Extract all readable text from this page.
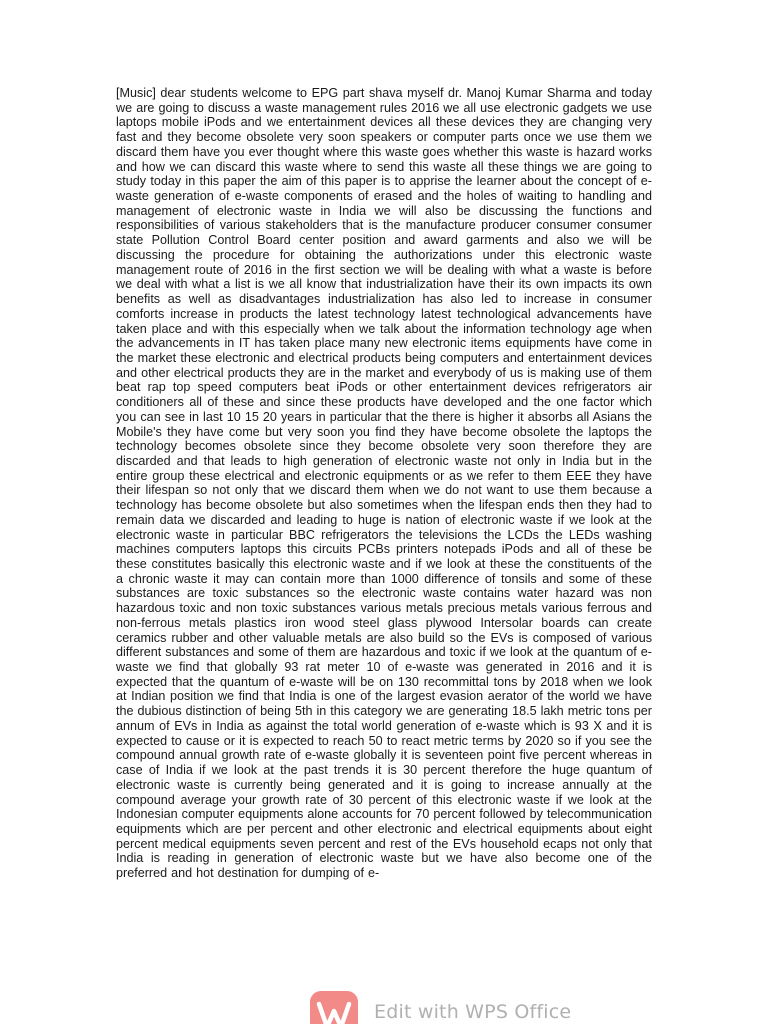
[Music] dear students welcome to EPG part shava myself dr. Manoj Kumar Sharma and today we are going to discuss a waste management rules 2016 we all use electronic gadgets we use laptops mobile iPods and we entertainment devices all these devices they are changing very fast and they become obsolete very soon speakers or computer parts once we use them we discard them have you ever thought where this waste goes whether this waste is hazard works and how we can discard this waste where to send this waste all these things we are going to study today in this paper the aim of this paper is to apprise the learner about the concept of e-waste generation of e-waste components of erased and the holes of waiting to handling and management of electronic waste in India we will also be discussing the functions and responsibilities of various stakeholders that is the manufacture producer consumer consumer state Pollution Control Board center position and award garments and also we will be discussing the procedure for obtaining the authorizations under this electronic waste management route of 2016 in the first section we will be dealing with what a waste is before we deal with what a list is we all know that industrialization have their its own impacts its own benefits as well as disadvantages industrialization has also led to increase in consumer comforts increase in products the latest technology latest technological advancements have taken place and with this especially when we talk about the information technology age when the advancements in IT has taken place many new electronic items equipments have come in the market these electronic and electrical products being computers and entertainment devices and other electrical products they are in the market and everybody of us is making use of them beat rap top speed computers beat iPods or other entertainment devices refrigerators air conditioners all of these and since these products have developed and the one factor which you can see in last 10 15 20 years in particular that the there is higher it absorbs all Asians the Mobile's they have come but very soon you find they have become obsolete the laptops the technology becomes obsolete since they become obsolete very soon therefore they are discarded and that leads to high generation of electronic waste not only in India but in the entire group these electrical and electronic equipments or as we refer to them EEE they have their lifespan so not only that we discard them when we do not want to use them because a technology has become obsolete but also sometimes when the lifespan ends then they had to remain data we discarded and leading to huge is nation of electronic waste if we look at the electronic waste in particular BBC refrigerators the televisions the LCDs the LEDs washing machines computers laptops this circuits PCBs printers notepads iPods and all of these be these constitutes basically this electronic waste and if we look at these the constituents of the a chronic waste it may can contain more than 1000 difference of tonsils and some of these substances are toxic substances so the electronic waste contains water hazard was non hazardous toxic and non toxic substances various metals precious metals various ferrous and non-ferrous metals plastics iron wood steel glass plywood Intersolar boards can create ceramics rubber and other valuable metals are also build so the EVs is composed of various different substances and some of them are hazardous and toxic if we look at the quantum of e-waste we find that globally 93 rat meter 10 of e-waste was generated in 2016 and it is expected that the quantum of e-waste will be on 130 recommittal tons by 2018 when we look at Indian position we find that India is one of the largest evasion aerator of the world we have the dubious distinction of being 5th in this category we are generating 18.5 lakh metric tons per annum of EVs in India as against the total world generation of e-waste which is 93 X and it is expected to cause or it is expected to reach 50 to react metric terms by 2020 so if you see the compound annual growth rate of e-waste globally it is seventeen point five percent whereas in case of India if we look at the past trends it is 30 percent therefore the huge quantum of electronic waste is currently being generated and it is going to increase annually at the compound average your growth rate of 30 percent of this electronic waste if we look at the Indonesian computer equipments alone accounts for 70 percent followed by telecommunication equipments which are per percent and other electronic and electrical equipments about eight percent medical equipments seven percent and rest of the EVs household ecaps not only that India is reading in generation of electronic waste but we have also become one of the preferred and hot destination for dumping of e-

Edit with WPS Office
